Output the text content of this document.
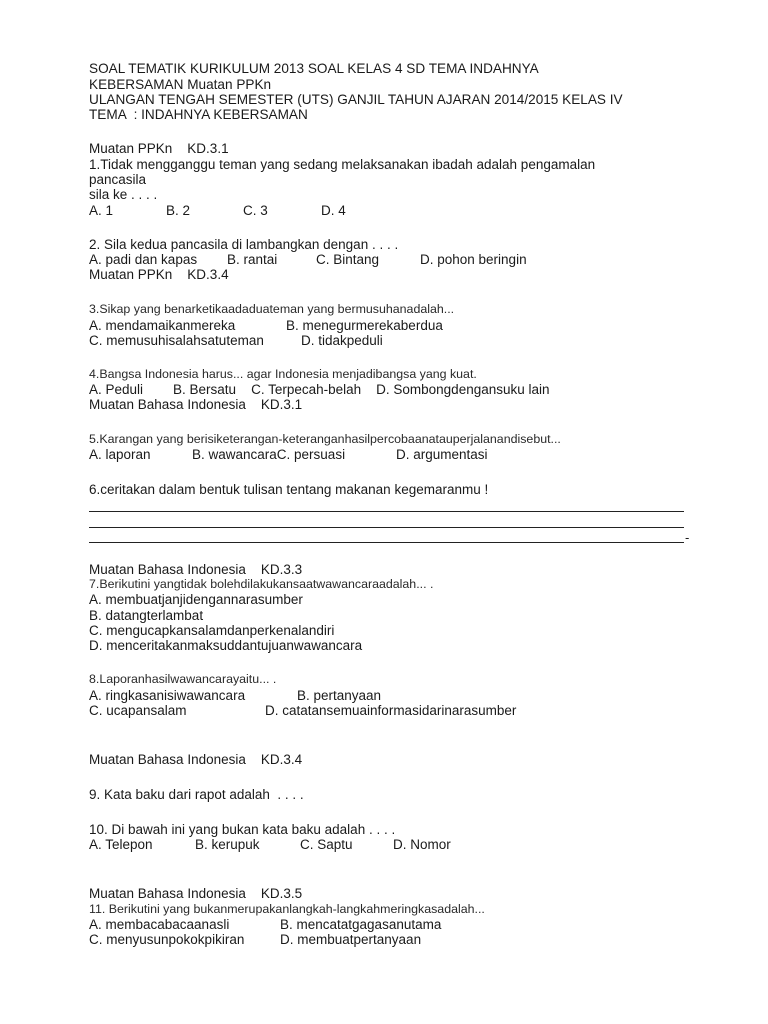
SOAL TEMATIK KURIKULUM 2013 SOAL KELAS 4 SD TEMA INDAHNYA
KEBERSAMAN Muatan PPKn
ULANGAN TENGAH SEMESTER (UTS) GANJIL TAHUN AJARAN 2014/2015 KELAS IV
TEMA  : INDAHNYA KEBERSAMAN
Muatan PPKn    KD.3.1
1.Tidak mengganggu teman yang sedang melaksanakan ibadah adalah pengamalan
pancasila
sila ke . . . .

A. 1

	B. 2

	C. 3

	D. 4

2. Sila kedua pancasila di lambangkan dengan . . . .

A. padi dan kapas

B. rantai

	C. Bintang

	D. pohon beringin

Muatan PPKn    KD.3.4
3.Sikap yang benarketikaadaduateman yang bermusuhanadalah...

A. mendamaikanmereka

	B. menegurmerekaberdua

C. memusuhisalahsatuteman

	D. tidakpeduli

4.Bangsa Indonesia harus... agar Indonesia menjadibangsa yang kuat.
A. Peduli        B. Bersatu    C. Terpecah-belah    D. Sombongdengansuku lain
Muatan Bahasa Indonesia    KD.3.1
5.Karangan yang berisiketerangan-keteranganhasilpercobaanatauperjalanandisebut...

A. laporan

	B. wawancaraC. persuasi

	D. argumentasi

6.ceritakan dalam bentuk tulisan tentang makanan kegemaranmu !
-
Muatan Bahasa Indonesia    KD.3.3
7.Berikutini yangtidak bolehdilakukansaatwawancaraadalah... .
A. membuatjanjidengannarasumber
B. datangterlambat
C. mengucapkansalamdanperkenalandiri
D. menceritakanmaksuddantujuanwawancara
8.Laporanhasilwawancarayaitu... .

A. ringkasanisiwawancara

	B. pertanyaan

C. ucapansalam

	D. catatansemuainformasidarinarasumber

Muatan Bahasa Indonesia    KD.3.4
9. Kata baku dari rapot adalah  . . . .
10. Di bawah ini yang bukan kata baku adalah . . . .

A. Telepon

	B. kerupuk

	C. Saptu

	D. Nomor

Muatan Bahasa Indonesia    KD.3.5
11. Berikutini yang bukanmerupakanlangkah-langkahmeringkasadalah...

A. membacabacaanasli

	B. mencatatgagasanutama

C. menyusunpokokpikiran

	D. membuatpertanyaan
